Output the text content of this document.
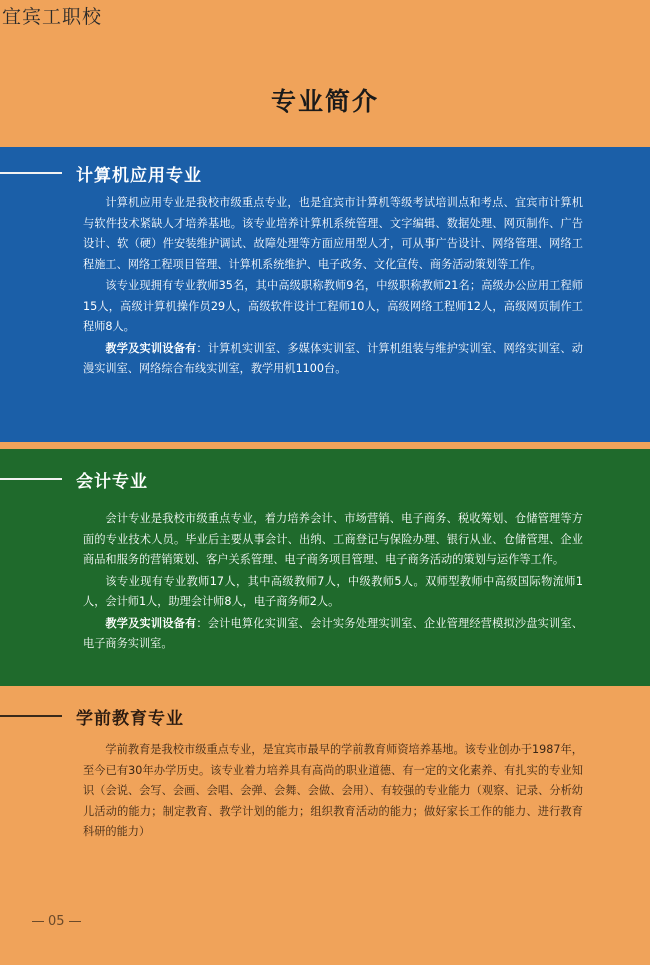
宜宾工职校
专业简介
计算机应用专业

计算机应用专业是我校市级重点专业，也是宜宾市计算机等级考试培训点和考点、宜宾市计算机与软件技术紧缺人才培养基地。该专业培养计算机系统管理、文字编辑、数据处理、网页制作、广告设计、软（硬）件安装维护调试、故障处理等方面应用型人才，可从事广告设计、网络管理、网络工程施工、网络工程项目管理、计算机系统维护、电子政务、文化宣传、商务活动策划等工作。

该专业现拥有专业教师35名，其中高级职称教师9名，中级职称教师21名；高级办公应用工程师15人，高级计算机操作员29人，高级软件设计工程师10人，高级网络工程师12人，高级网页制作工程师8人。

教学及实训设备有：计算机实训室、多媒体实训室、计算机组装与维护实训室、网络实训室、动漫实训室、网络综合布线实训室，教学用机1100台。

会计专业

会计专业是我校市级重点专业，着力培养会计、市场营销、电子商务、税收筹划、仓储管理等方面的专业技术人员。毕业后主要从事会计、出纳、工商登记与保险办理、银行从业、仓储管理、企业商品和服务的营销策划、客户关系管理、电子商务项目管理、电子商务活动的策划与运作等工作。

该专业现有专业教师17人，其中高级教师7人，中级教师5人。双师型教师中高级国际物流师1人，会计师1人，助理会计师8人，电子商务师2人。

教学及实训设备有：会计电算化实训室、会计实务处理实训室、企业管理经营模拟沙盘实训室、电子商务实训室。

学前教育专业

学前教育是我校市级重点专业，是宜宾市最早的学前教育师资培养基地。该专业创办于1987年，至今已有30年办学历史。该专业着力培养具有高尚的职业道德、有一定的文化素养、有扎实的专业知识（会说、会写、会画、会唱、会弹、会舞、会做、会用）、有较强的专业能力（观察、记录、分析幼儿活动的能力；制定教育、教学计划的能力；组织教育活动的能力；做好家长工作的能力、进行教育科研的能力）

05
